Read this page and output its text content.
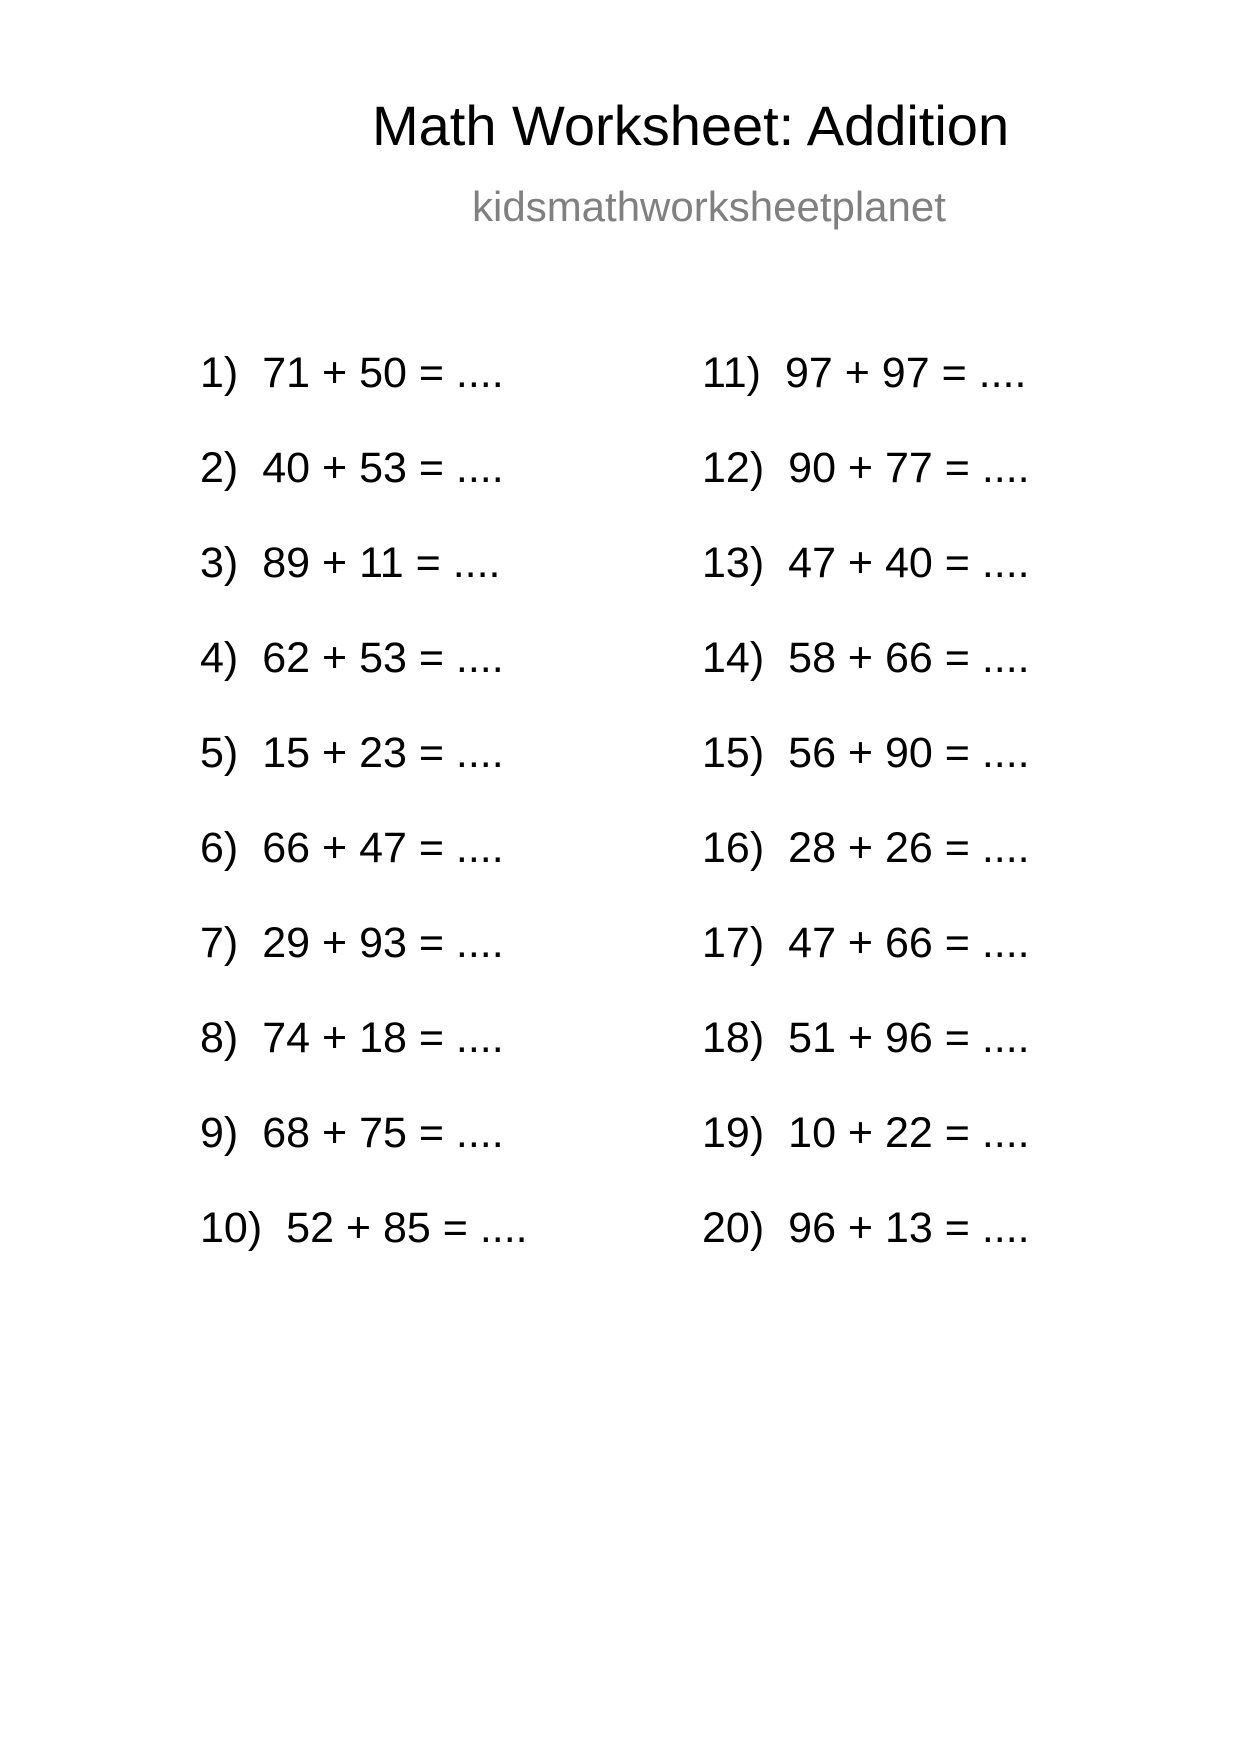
Math Worksheet: Addition
kidsmathworksheetplanet
1) 71 + 50 = ....
2) 40 + 53 = ....
3) 89 + 11 = ....
4) 62 + 53 = ....
5) 15 + 23 = ....
6) 66 + 47 = ....
7) 29 + 93 = ....
8) 74 + 18 = ....
9) 68 + 75 = ....
10) 52 + 85 = ....
11) 97 + 97 = ....
12) 90 + 77 = ....
13) 47 + 40 = ....
14) 58 + 66 = ....
15) 56 + 90 = ....
16) 28 + 26 = ....
17) 47 + 66 = ....
18) 51 + 96 = ....
19) 10 + 22 = ....
20) 96 + 13 = ....
